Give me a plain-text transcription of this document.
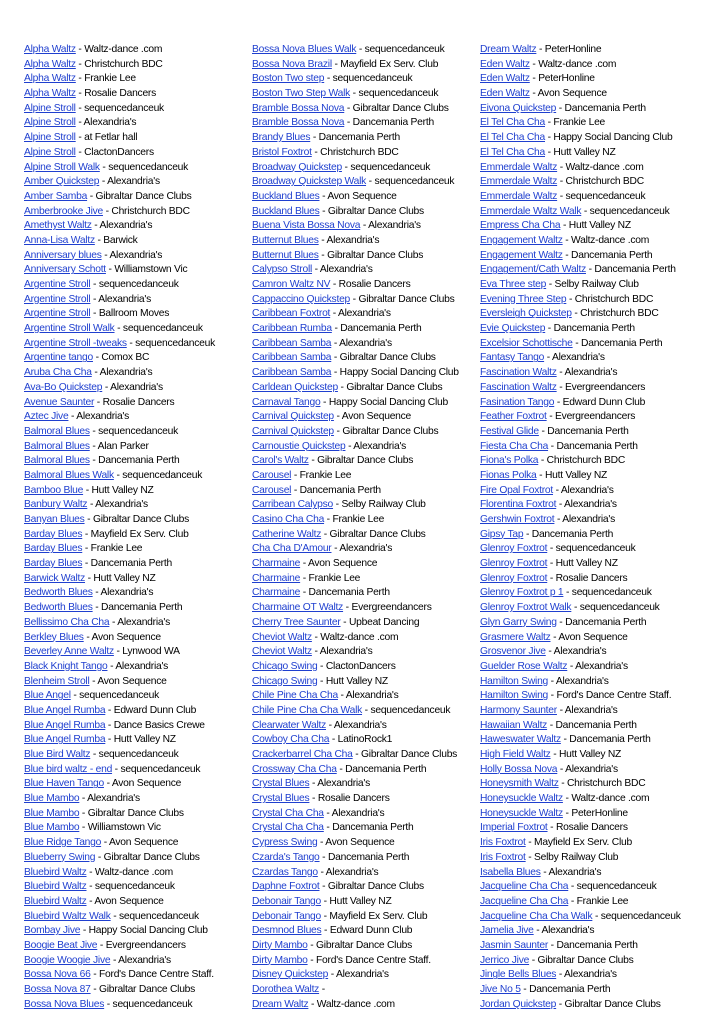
Alpha Waltz - Waltz-dance .com
Alpha Waltz - Christchurch BDC
Alpha Waltz - Frankie Lee
Alpha Waltz - Rosalie Dancers
Alpine Stroll - sequencedanceuk
Alpine Stroll - Alexandria's
Alpine Stroll - at Fetlar hall
Alpine Stroll - ClactonDancers
Alpine Stroll Walk - sequencedanceuk
Amber Quickstep - Alexandria's
Amber Samba - Gibraltar Dance Clubs
Amberbrooke Jive - Christchurch BDC
Amethyst Waltz - Alexandria's
Anna-Lisa Waltz - Barwick
Anniversary blues - Alexandria's
Anniversary Schott - Williamstown Vic
Argentine Stroll - sequencedanceuk
Argentine Stroll - Alexandria's
Argentine Stroll - Ballroom Moves
Argentine Stroll Walk - sequencedanceuk
Argentine Stroll -tweaks - sequencedanceuk
Argentine tango - Comox BC
Aruba Cha Cha - Alexandria's
Ava-Bo Quickstep - Alexandria's
Avenue Saunter - Rosalie Dancers
Aztec Jive - Alexandria's
Balmoral Blues - sequencedanceuk
Balmoral Blues - Alan Parker
Balmoral Blues - Dancemania Perth
Balmoral Blues Walk - sequencedanceuk
Bamboo Blue - Hutt Valley NZ
Banbury Waltz - Alexandria's
Banyan Blues - Gibraltar Dance Clubs
Barday Blues - Mayfield Ex Serv. Club
Barday Blues - Frankie Lee
Barday Blues - Dancemania Perth
Barwick Waltz - Hutt Valley NZ
Bedworth Blues - Alexandria's
Bedworth Blues - Dancemania Perth
Bellissimo Cha Cha - Alexandria's
Berkley Blues - Avon Sequence
Beverley Anne Waltz - Lynwood WA
Black Knight Tango - Alexandria's
Blenheim Stroll - Avon Sequence
Blue Angel - sequencedanceuk
Blue Angel Rumba - Edward Dunn Club
Blue Angel Rumba - Dance Basics Crewe
Blue Angel Rumba - Hutt Valley NZ
Blue Bird Waltz - sequencedanceuk
Blue bird waltz - end - sequencedanceuk
Blue Haven Tango - Avon Sequence
Blue Mambo - Alexandria's
Blue Mambo - Gibraltar Dance Clubs
Blue Mambo - Williamstown Vic
Blue Ridge Tango - Avon Sequence
Blueberry Swing - Gibraltar Dance Clubs
Bluebird Waltz - Waltz-dance .com
Bluebird Waltz - sequencedanceuk
Bluebird Waltz - Avon Sequence
Bluebird Waltz Walk - sequencedanceuk
Bombay Jive - Happy Social Dancing Club
Boogie Beat Jive - Evergreendancers
Boogie Woogie Jive - Alexandria's
Bossa Nova 66 - Ford's Dance Centre Staff.
Bossa Nova 87 - Gibraltar Dance Clubs
Bossa Nova Blues - sequencedanceuk
Bossa Nova Blues Walk - sequencedanceuk
Bossa Nova Brazil - Mayfield Ex Serv. Club
Boston Two step - sequencedanceuk
Boston Two Step Walk - sequencedanceuk
Bramble Bossa Nova - Gibraltar Dance Clubs
Bramble Bossa Nova - Dancemania Perth
Brandy Blues - Dancemania Perth
Bristol Foxtrot - Christchurch BDC
Broadway Quickstep - sequencedanceuk
Broadway Quickstep Walk - sequencedanceuk
Buckland Blues - Avon Sequence
Buckland Blues - Gibraltar Dance Clubs
Buena Vista Bossa Nova - Alexandria's
Butternut Blues - Alexandria's
Butternut Blues - Gibraltar Dance Clubs
Calypso Stroll - Alexandria's
Camron Waltz NV - Rosalie Dancers
Cappaccino Quickstep - Gibraltar Dance Clubs
Caribbean Foxtrot - Alexandria's
Caribbean Rumba - Dancemania Perth
Caribbean Samba - Alexandria's
Caribbean Samba - Gibraltar Dance Clubs
Caribbean Samba - Happy Social Dancing Club
Carldean Quickstep - Gibraltar Dance Clubs
Carnaval Tango - Happy Social Dancing Club
Carnival Quickstep - Avon Sequence
Carnival Quickstep - Gibraltar Dance Clubs
Carnoustie Quickstep - Alexandria's
Carol's Waltz - Gibraltar Dance Clubs
Carousel - Frankie Lee
Carousel - Dancemania Perth
Carribean Calypso - Selby Railway Club
Casino Cha Cha - Frankie Lee
Catherine Waltz - Gibraltar Dance Clubs
Cha Cha D'Amour - Alexandria's
Charmaine - Avon Sequence
Charmaine - Frankie Lee
Charmaine - Dancemania Perth
Charmaine OT Waltz - Evergreendancers
Cherry Tree Saunter - Upbeat Dancing
Cheviot Waltz - Waltz-dance .com
Cheviot Waltz - Alexandria's
Chicago Swing - ClactonDancers
Chicago Swing - Hutt Valley NZ
Chile Pine Cha Cha - Alexandria's
Chile Pine Cha Cha Walk - sequencedanceuk
Clearwater Waltz - Alexandria's
Cowboy Cha Cha - LatinoRock1
Crackerbarrel Cha Cha - Gibraltar Dance Clubs
Crossway Cha Cha - Dancemania Perth
Crystal Blues - Alexandria's
Crystal Blues - Rosalie Dancers
Crystal Cha Cha - Alexandria's
Crystal Cha Cha - Dancemania Perth
Cypress Swing - Avon Sequence
Czarda's Tango - Dancemania Perth
Czardas Tango - Alexandria's
Daphne Foxtrot - Gibraltar Dance Clubs
Debonair Tango - Hutt Valley NZ
Debonair Tango - Mayfield Ex Serv. Club
Desmnod Blues - Edward Dunn Club
Dirty Mambo - Gibraltar Dance Clubs
Dirty Mambo - Ford's Dance Centre Staff.
Disney Quickstep - Alexandria's
Dorothea Waltz -
Dream Waltz - Waltz-dance .com
Dream Waltz - PeterHonline
Eden Waltz - Waltz-dance .com
Eden Waltz - PeterHonline
Eden Waltz - Avon Sequence
Eivona Quickstep - Dancemania Perth
El Tel Cha Cha - Frankie Lee
El Tel Cha Cha - Happy Social Dancing Club
El Tel Cha Cha - Hutt Valley NZ
Emmerdale Waltz - Waltz-dance .com
Emmerdale Waltz - Christchurch BDC
Emmerdale Waltz - sequencedanceuk
Emmerdale Waltz Walk - sequencedanceuk
Empress Cha Cha - Hutt Valley NZ
Engagement Waltz - Waltz-dance .com
Engagement Waltz - Dancemania Perth
Engagement/Cath Waltz - Dancemania Perth
Eva Three step - Selby Railway Club
Evening Three Step - Christchurch BDC
Eversleigh Quickstep - Christchurch BDC
Evie Quickstep - Dancemania Perth
Excelsior Schottische - Dancemania Perth
Fantasy Tango - Alexandria's
Fascination Waltz - Alexandria's
Fascination Waltz - Evergreendancers
Fasination Tango - Edward Dunn Club
Feather Foxtrot - Evergreendancers
Festival Glide - Dancemania Perth
Fiesta Cha Cha - Dancemania Perth
Fiona's Polka - Christchurch BDC
Fionas Polka - Hutt Valley NZ
Fire Opal Foxtrot - Alexandria's
Florentina Foxtrot - Alexandria's
Gershwin Foxtrot - Alexandria's
Gipsy Tap - Dancemania Perth
Glenroy Foxtrot - sequencedanceuk
Glenroy Foxtrot - Hutt Valley NZ
Glenroy Foxtrot - Rosalie Dancers
Glenroy Foxtrot p 1 - sequencedanceuk
Glenroy Foxtrot Walk - sequencedanceuk
Glyn Garry Swing - Dancemania Perth
Grasmere Waltz - Avon Sequence
Grosvenor Jive - Alexandria's
Guelder Rose Waltz - Alexandria's
Hamilton Swing - Alexandria's
Hamilton Swing - Ford's Dance Centre Staff.
Harmony Saunter - Alexandria's
Hawaiian Waltz - Dancemania Perth
Haweswater Waltz - Dancemania Perth
High Field Waltz - Hutt Valley NZ
Holly Bossa Nova - Alexandria's
Honeysmith Waltz - Christchurch BDC
Honeysuckle Waltz - Waltz-dance .com
Honeysuckle Waltz - PeterHonline
Imperial Foxtrot - Rosalie Dancers
Iris Foxtrot - Mayfield Ex Serv. Club
Iris Foxtrot - Selby Railway Club
Isabella Blues - Alexandria's
Jacqueline Cha Cha - sequencedanceuk
Jacqueline Cha Cha - Frankie Lee
Jacqueline Cha Cha Walk - sequencedanceuk
Jamelia Jive - Alexandria's
Jasmin Saunter - Dancemania Perth
Jerrico Jive - Gibraltar Dance Clubs
Jingle Bells Blues - Alexandria's
Jive No 5 - Dancemania Perth
Jordan Quickstep - Gibraltar Dance Clubs
